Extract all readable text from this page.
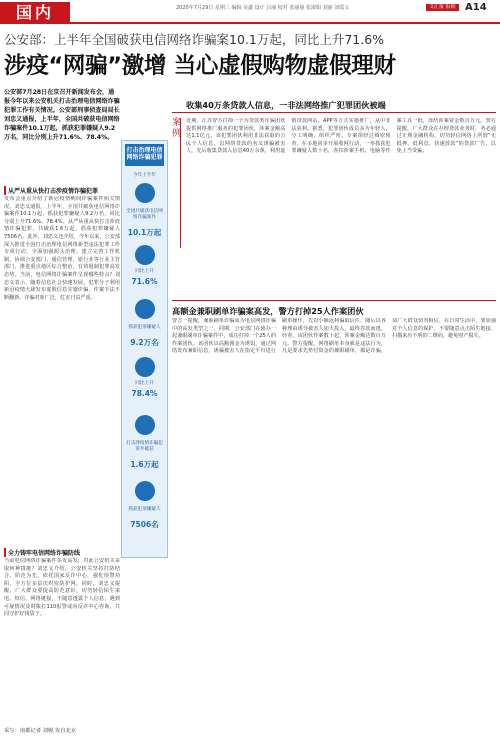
国内	2020年7月29日 星期三 编辑 吴鑫 设计 吕丽 校对 张丽丽 张淑娟 刘丽 刘霞文	文汇报 报纸 A14
公安部：上半年全国破获电信网络诈骗案10.1万起，同比上升71.6%
涉疫“网骗”激增 当心虚假购物虚假理财
公安部7月28日在京召开新闻发布会，通报今年以来公安机关打击治理电信网络诈骗犯罪工作有关情况。公安部刑事侦查局局长刘忠义通报，上半年，全国共破获电信网络诈骗案件10.1万起，抓获犯罪嫌疑人9.2万名，同比分别上升71.6%、78.4%。
从严从重从快打击涉疫情诈骗犯罪
发布会重点介绍了新冠疫情期间诈骗案件相关情况。刘忠义通报，上半年，全国共破获电信网络诈骗案件10.1万起，抓获犯罪嫌疑人9.2万名，同比分别上升71.6%、78.4%。从严从重从快打击涉疫情诈骗犯罪，共破获1.6万起，抓获犯罪嫌疑人7506名。此外，刘忠义还介绍，今年以来，公安部深入推进全国打击治理电信网络新型违法犯罪工作专项行动，全面加强源头治理，建立完善工作机制，协调公安部门、通信管理、银行业等行业主管部门，推进重点地区综合整治，有效遏制犯罪高发态势。当前，电信网络诈骗案件呈现哪些特点？刘忠义表示，随着信息社会快速发展，犯罪分子利用新冠疫情大肆发布虚假信息实施诈骗，作案手法不断翻新，诈骗对象广泛，危害日益严重。
全力铸牢电信网络诈骗防线
当前电信网络诈骗案件多发高发，对此公安机关采取何种措施？刘忠义介绍，公安机关坚持打防结合、防范为先，依托国家反诈中心，强化预警劝阻，全方位多层次织密防护网。同时，刘忠义提醒，广大群众要提高防范意识，切勿轻信陌生来电、短信、网络链接，不随意透露个人信息，遇到可疑情况及时拨打110报警或向反诈中心咨询，共同守护好钱袋子。
采写：南都记者 刘嫚 发自北京
打击治理电信网络诈骗犯罪
今年上半年
全国共破获电信网络诈骗案件
10.1万起
同比上升
71.6%
抓获犯罪嫌疑人
9.2万名
同比上升
78.4%
打击涉疫情诈骗犯罪共破获
1.6万起
抓获犯罪嫌疑人
7506名
案例
收集40万条贷款人信息，一非法网络推广犯罪团伙被端
近期，江苏警方打掉一个为贷款类诈骗团伙提供网络推广服务的犯罪团伙，涉案金额高达1.1亿元。该犯罪团伙利用非法获取的公民个人信息，以网络贷款的名义诱骗被害人，先后收集贷款人信息40万余条，利用虚假贷款网站、APP等方式实施推广，从中非法获利。据悉，犯罪团伙成员多为年轻人，分工明确，组织严密。专案组经过缜密侦查，在多地同步开展收网行动，一举抓获犯罪嫌疑人数十名，查扣涉案手机、电脑等作案工具一批，冻结涉案资金数百万元。警方提醒，广大群众在办理贷款业务时，务必通过正规金融机构，切勿轻信网络上所谓“无抵押、低利息、快速放款”的贷款广告，以免上当受骗。
高额金兼职刷单诈骗案高发，警方打掉25人作案团伙
警方一提醒，兼职刷单诈骗成为电信网络诈骗中的高发类型之一。同期，公安部门在侦办一起兼职刷单诈骗案件中，成功打掉一个25人的作案团伙。该团伙以高额佣金为诱饵，通过网络发布兼职信息，诱骗被害人在指定平台进行刷单操作，先以小额返利骗取信任，随后以各种理由诱导被害人加大投入，最终卷款而逃。经查，该团伙作案数十起，涉案金额达数百万元。警方提醒，网络刷单本身就是违法行为，凡是要求先垫付资金的兼职刷单，都是诈骗，请广大群众切勿相信。在日常生活中，要加强对个人信息的保护，不要随意点击陌生链接、扫描来历不明的二维码，避免财产损失。
